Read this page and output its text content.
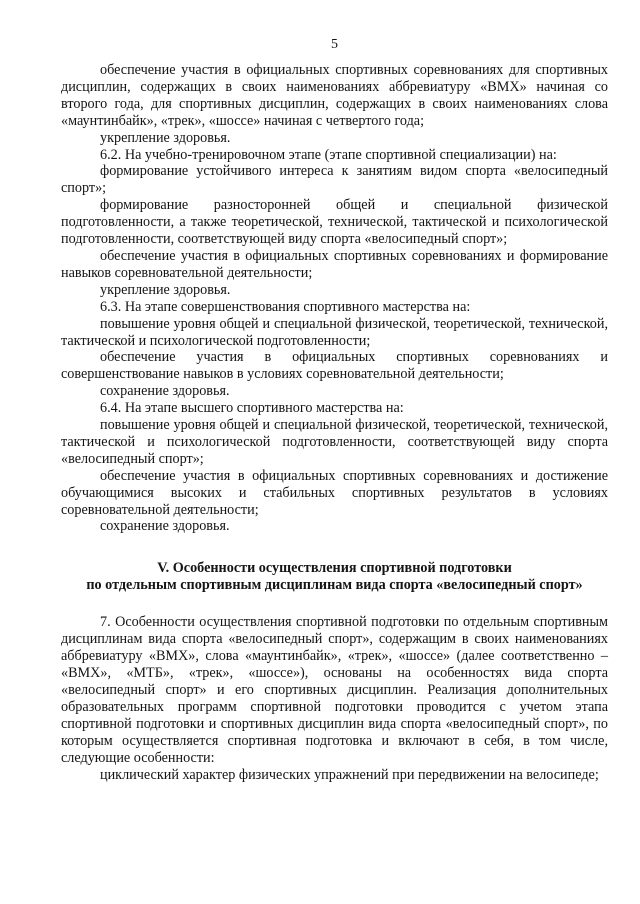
5

обеспечение участия в официальных спортивных соревнованиях для спортивных дисциплин, содержащих в своих наименованиях аббревиатуру «ВМХ» начиная со второго года, для спортивных дисциплин, содержащих в своих наименованиях слова «маунтинбайк», «трек», «шоссе» начиная с четвертого года;

укрепление здоровья.

6.2. На учебно-тренировочном этапе (этапе спортивной специализации) на:

формирование устойчивого интереса к занятиям видом спорта «велосипедный спорт»;

формирование разносторонней общей и специальной физической подготовленности, а также теоретической, технической, тактической и психологической подготовленности, соответствующей виду спорта «велосипедный спорт»;

обеспечение участия в официальных спортивных соревнованиях и формирование навыков соревновательной деятельности;

укрепление здоровья.

6.3. На этапе совершенствования спортивного мастерства на:

повышение уровня общей и специальной физической, теоретической, технической, тактической и психологической подготовленности;

обеспечение участия в официальных спортивных соревнованиях и совершенствование навыков в условиях соревновательной деятельности;

сохранение здоровья.

6.4. На этапе высшего спортивного мастерства на:

повышение уровня общей и специальной физической, теоретической, технической, тактической и психологической подготовленности, соответствующей виду спорта «велосипедный спорт»;

обеспечение участия в официальных спортивных соревнованиях и достижение обучающимися высоких и стабильных спортивных результатов в условиях соревновательной деятельности;

сохранение здоровья.

V. Особенности осуществления спортивной подготовки
по отдельным спортивным дисциплинам вида спорта «велосипедный спорт»

7. Особенности осуществления спортивной подготовки по отдельным спортивным дисциплинам вида спорта «велосипедный спорт», содержащим в своих наименованиях аббревиатуру «ВМХ», слова «маунтинбайк», «трек», «шоссе» (далее соответственно – «ВМХ», «МТБ», «трек», «шоссе»), основаны на особенностях вида спорта «велосипедный спорт» и его спортивных дисциплин. Реализация дополнительных образовательных программ спортивной подготовки проводится с учетом этапа спортивной подготовки и спортивных дисциплин вида спорта «велосипедный спорт», по которым осуществляется спортивная подготовка и включают в себя, в том числе, следующие особенности:

циклический характер физических упражнений при передвижении на велосипеде;
